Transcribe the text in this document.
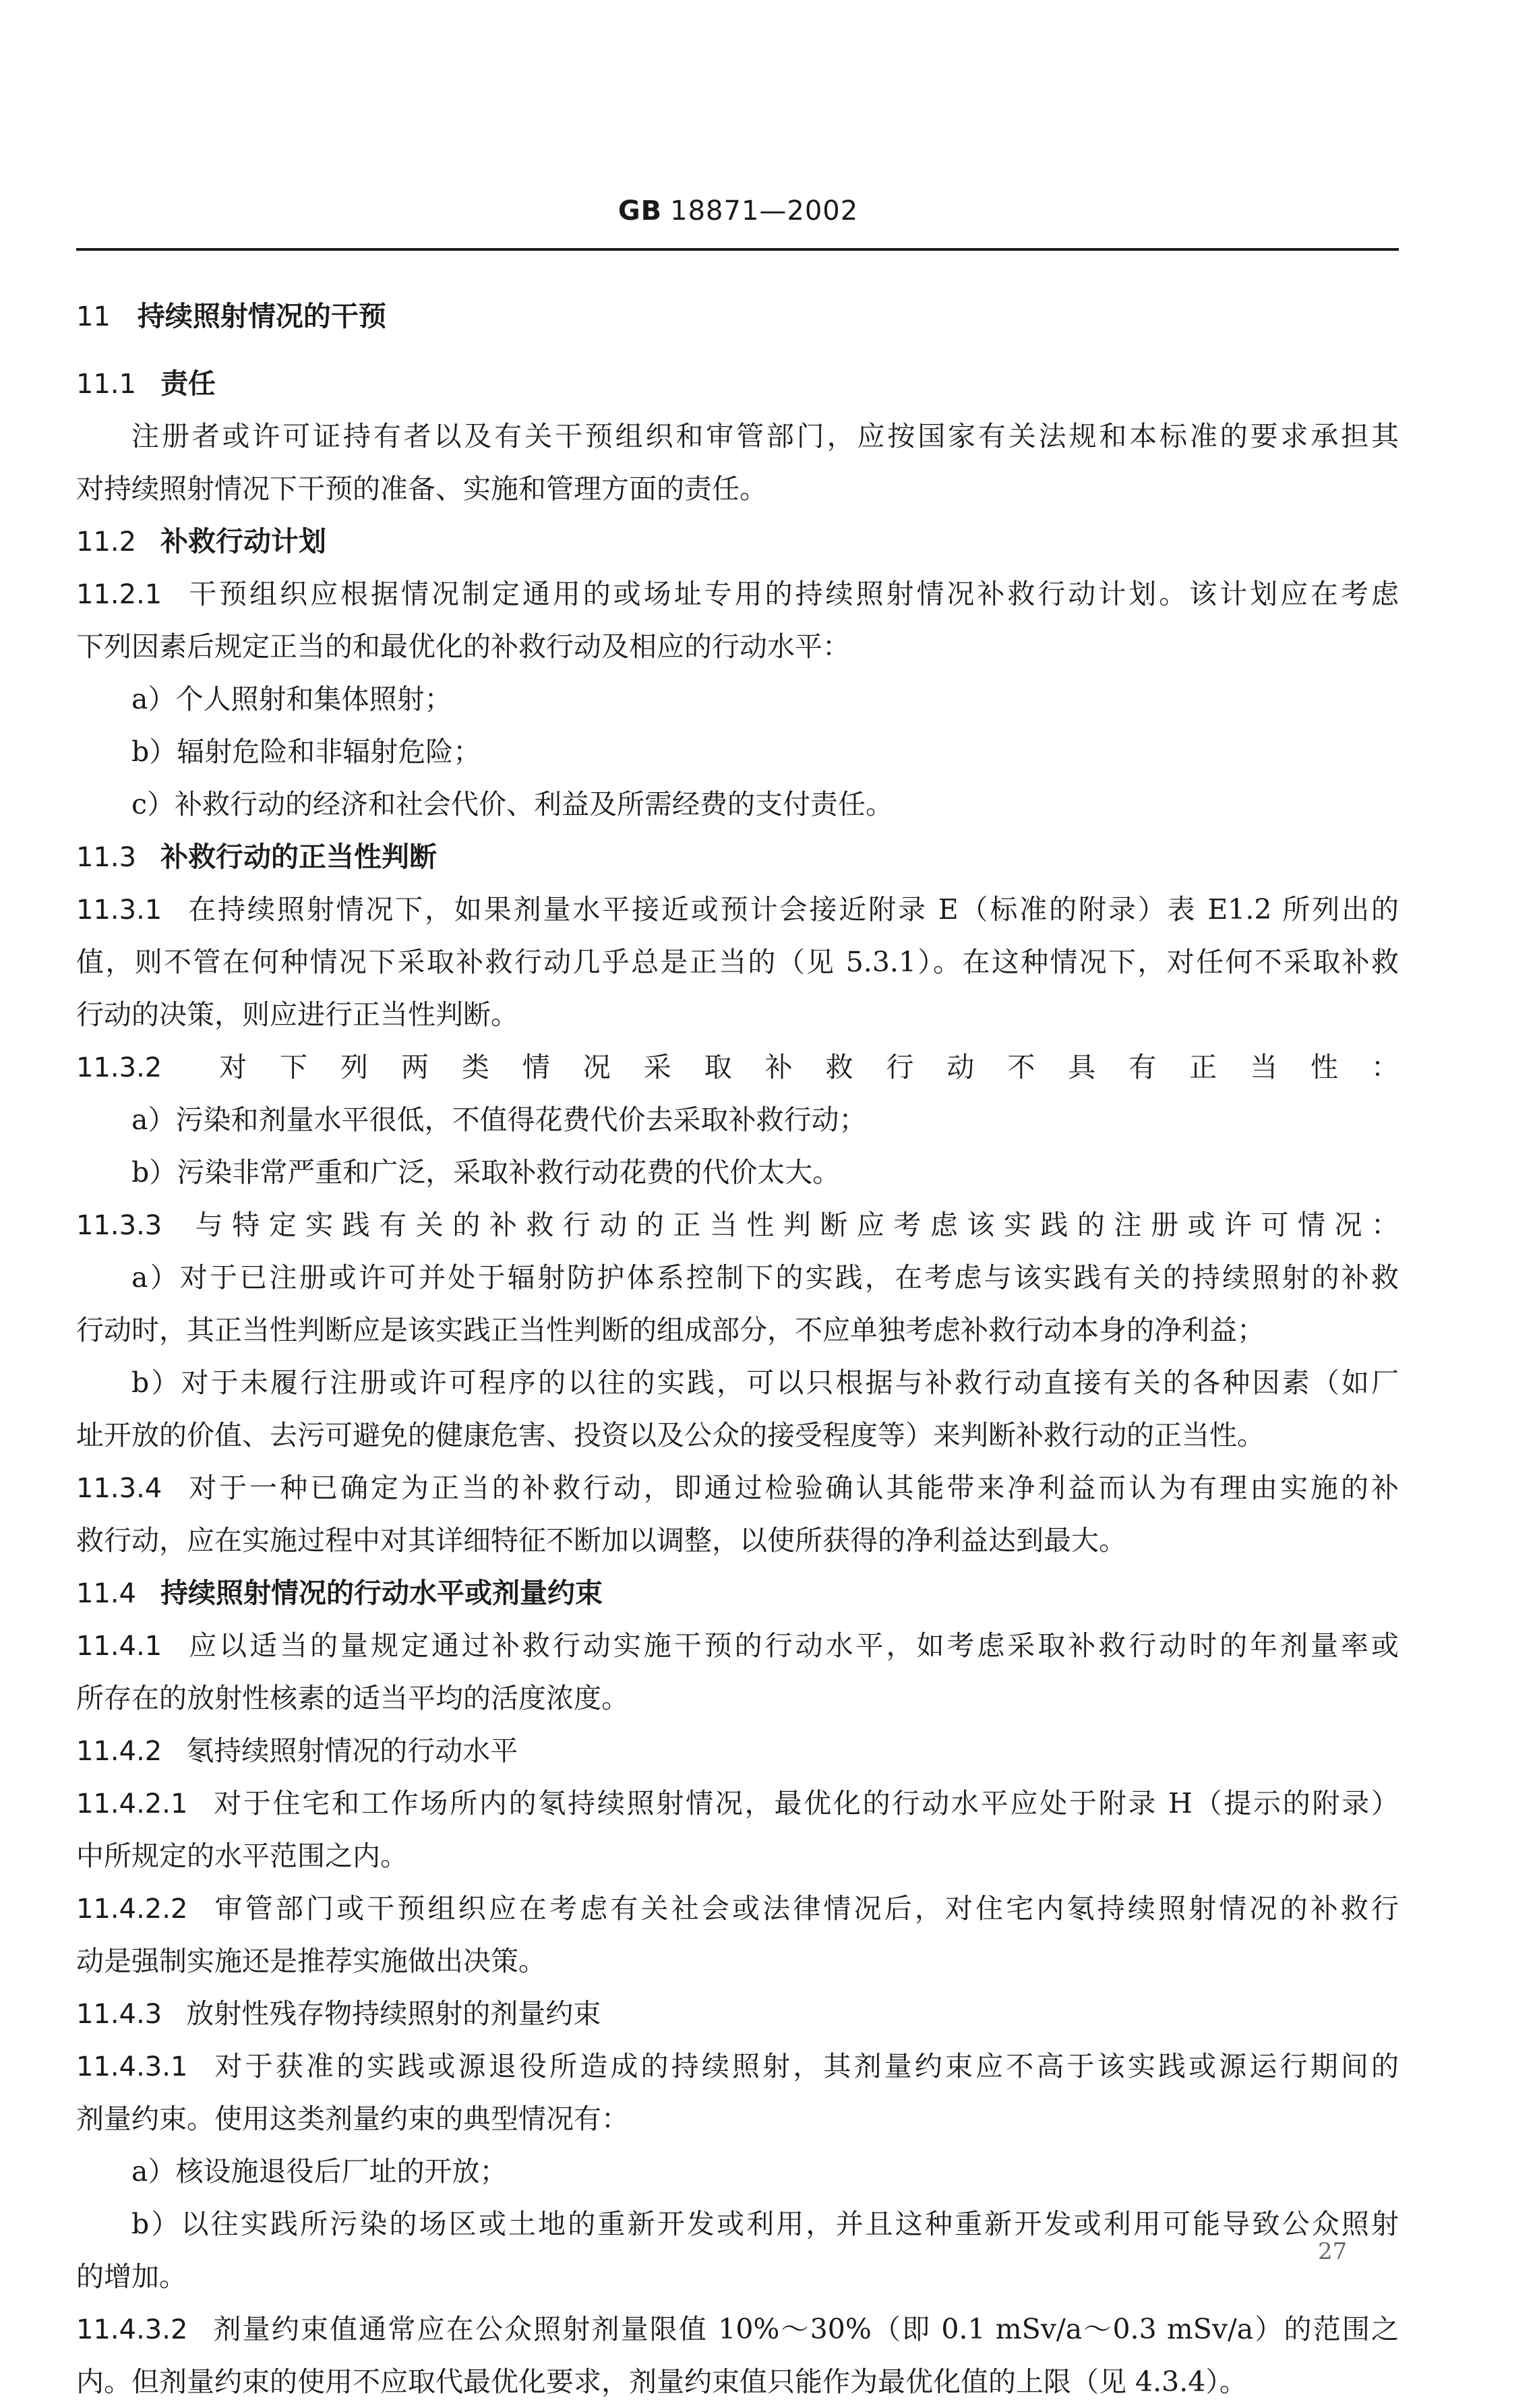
GB 18871—2002
11 持续照射情况的干预
11.1 责任
注册者或许可证持有者以及有关干预组织和审管部门，应按国家有关法规和本标准的要求承担其
对持续照射情况下干预的准备、实施和管理方面的责任。
11.2 补救行动计划
11.2.1 干预组织应根据情况制定通用的或场址专用的持续照射情况补救行动计划。该计划应在考虑
下列因素后规定正当的和最优化的补救行动及相应的行动水平：
a）个人照射和集体照射；
b）辐射危险和非辐射危险；
c）补救行动的经济和社会代价、利益及所需经费的支付责任。
11.3 补救行动的正当性判断
11.3.1 在持续照射情况下，如果剂量水平接近或预计会接近附录 E（标准的附录）表 E1.2 所列出的
值，则不管在何种情况下采取补救行动几乎总是正当的（见 5.3.1）。在这种情况下，对任何不采取补救
行动的决策，则应进行正当性判断。
11.3.2 对下列两类情况采取补救行动不具有正当性：
a）污染和剂量水平很低，不值得花费代价去采取补救行动；
b）污染非常严重和广泛，采取补救行动花费的代价太大。
11.3.3 与特定实践有关的补救行动的正当性判断应考虑该实践的注册或许可情况：
a）对于已注册或许可并处于辐射防护体系控制下的实践，在考虑与该实践有关的持续照射的补救
行动时，其正当性判断应是该实践正当性判断的组成部分，不应单独考虑补救行动本身的净利益；
b）对于未履行注册或许可程序的以往的实践，可以只根据与补救行动直接有关的各种因素（如厂
址开放的价值、去污可避免的健康危害、投资以及公众的接受程度等）来判断补救行动的正当性。
11.3.4 对于一种已确定为正当的补救行动，即通过检验确认其能带来净利益而认为有理由实施的补
救行动，应在实施过程中对其详细特征不断加以调整，以使所获得的净利益达到最大。
11.4 持续照射情况的行动水平或剂量约束
11.4.1 应以适当的量规定通过补救行动实施干预的行动水平，如考虑采取补救行动时的年剂量率或
所存在的放射性核素的适当平均的活度浓度。
11.4.2 氡持续照射情况的行动水平
11.4.2.1 对于住宅和工作场所内的氡持续照射情况，最优化的行动水平应处于附录 H（提示的附录）
中所规定的水平范围之内。
11.4.2.2 审管部门或干预组织应在考虑有关社会或法律情况后，对住宅内氡持续照射情况的补救行
动是强制实施还是推荐实施做出决策。
11.4.3 放射性残存物持续照射的剂量约束
11.4.3.1 对于获准的实践或源退役所造成的持续照射，其剂量约束应不高于该实践或源运行期间的
剂量约束。使用这类剂量约束的典型情况有：
a）核设施退役后厂址的开放；
b）以往实践所污染的场区或土地的重新开发或利用，并且这种重新开发或利用可能导致公众照射
的增加。
11.4.3.2 剂量约束值通常应在公众照射剂量限值 10%～30%（即 0.1 mSv/a～0.3 mSv/a）的范围之
内。但剂量约束的使用不应取代最优化要求，剂量约束值只能作为最优化值的上限（见 4.3.4）。
27
